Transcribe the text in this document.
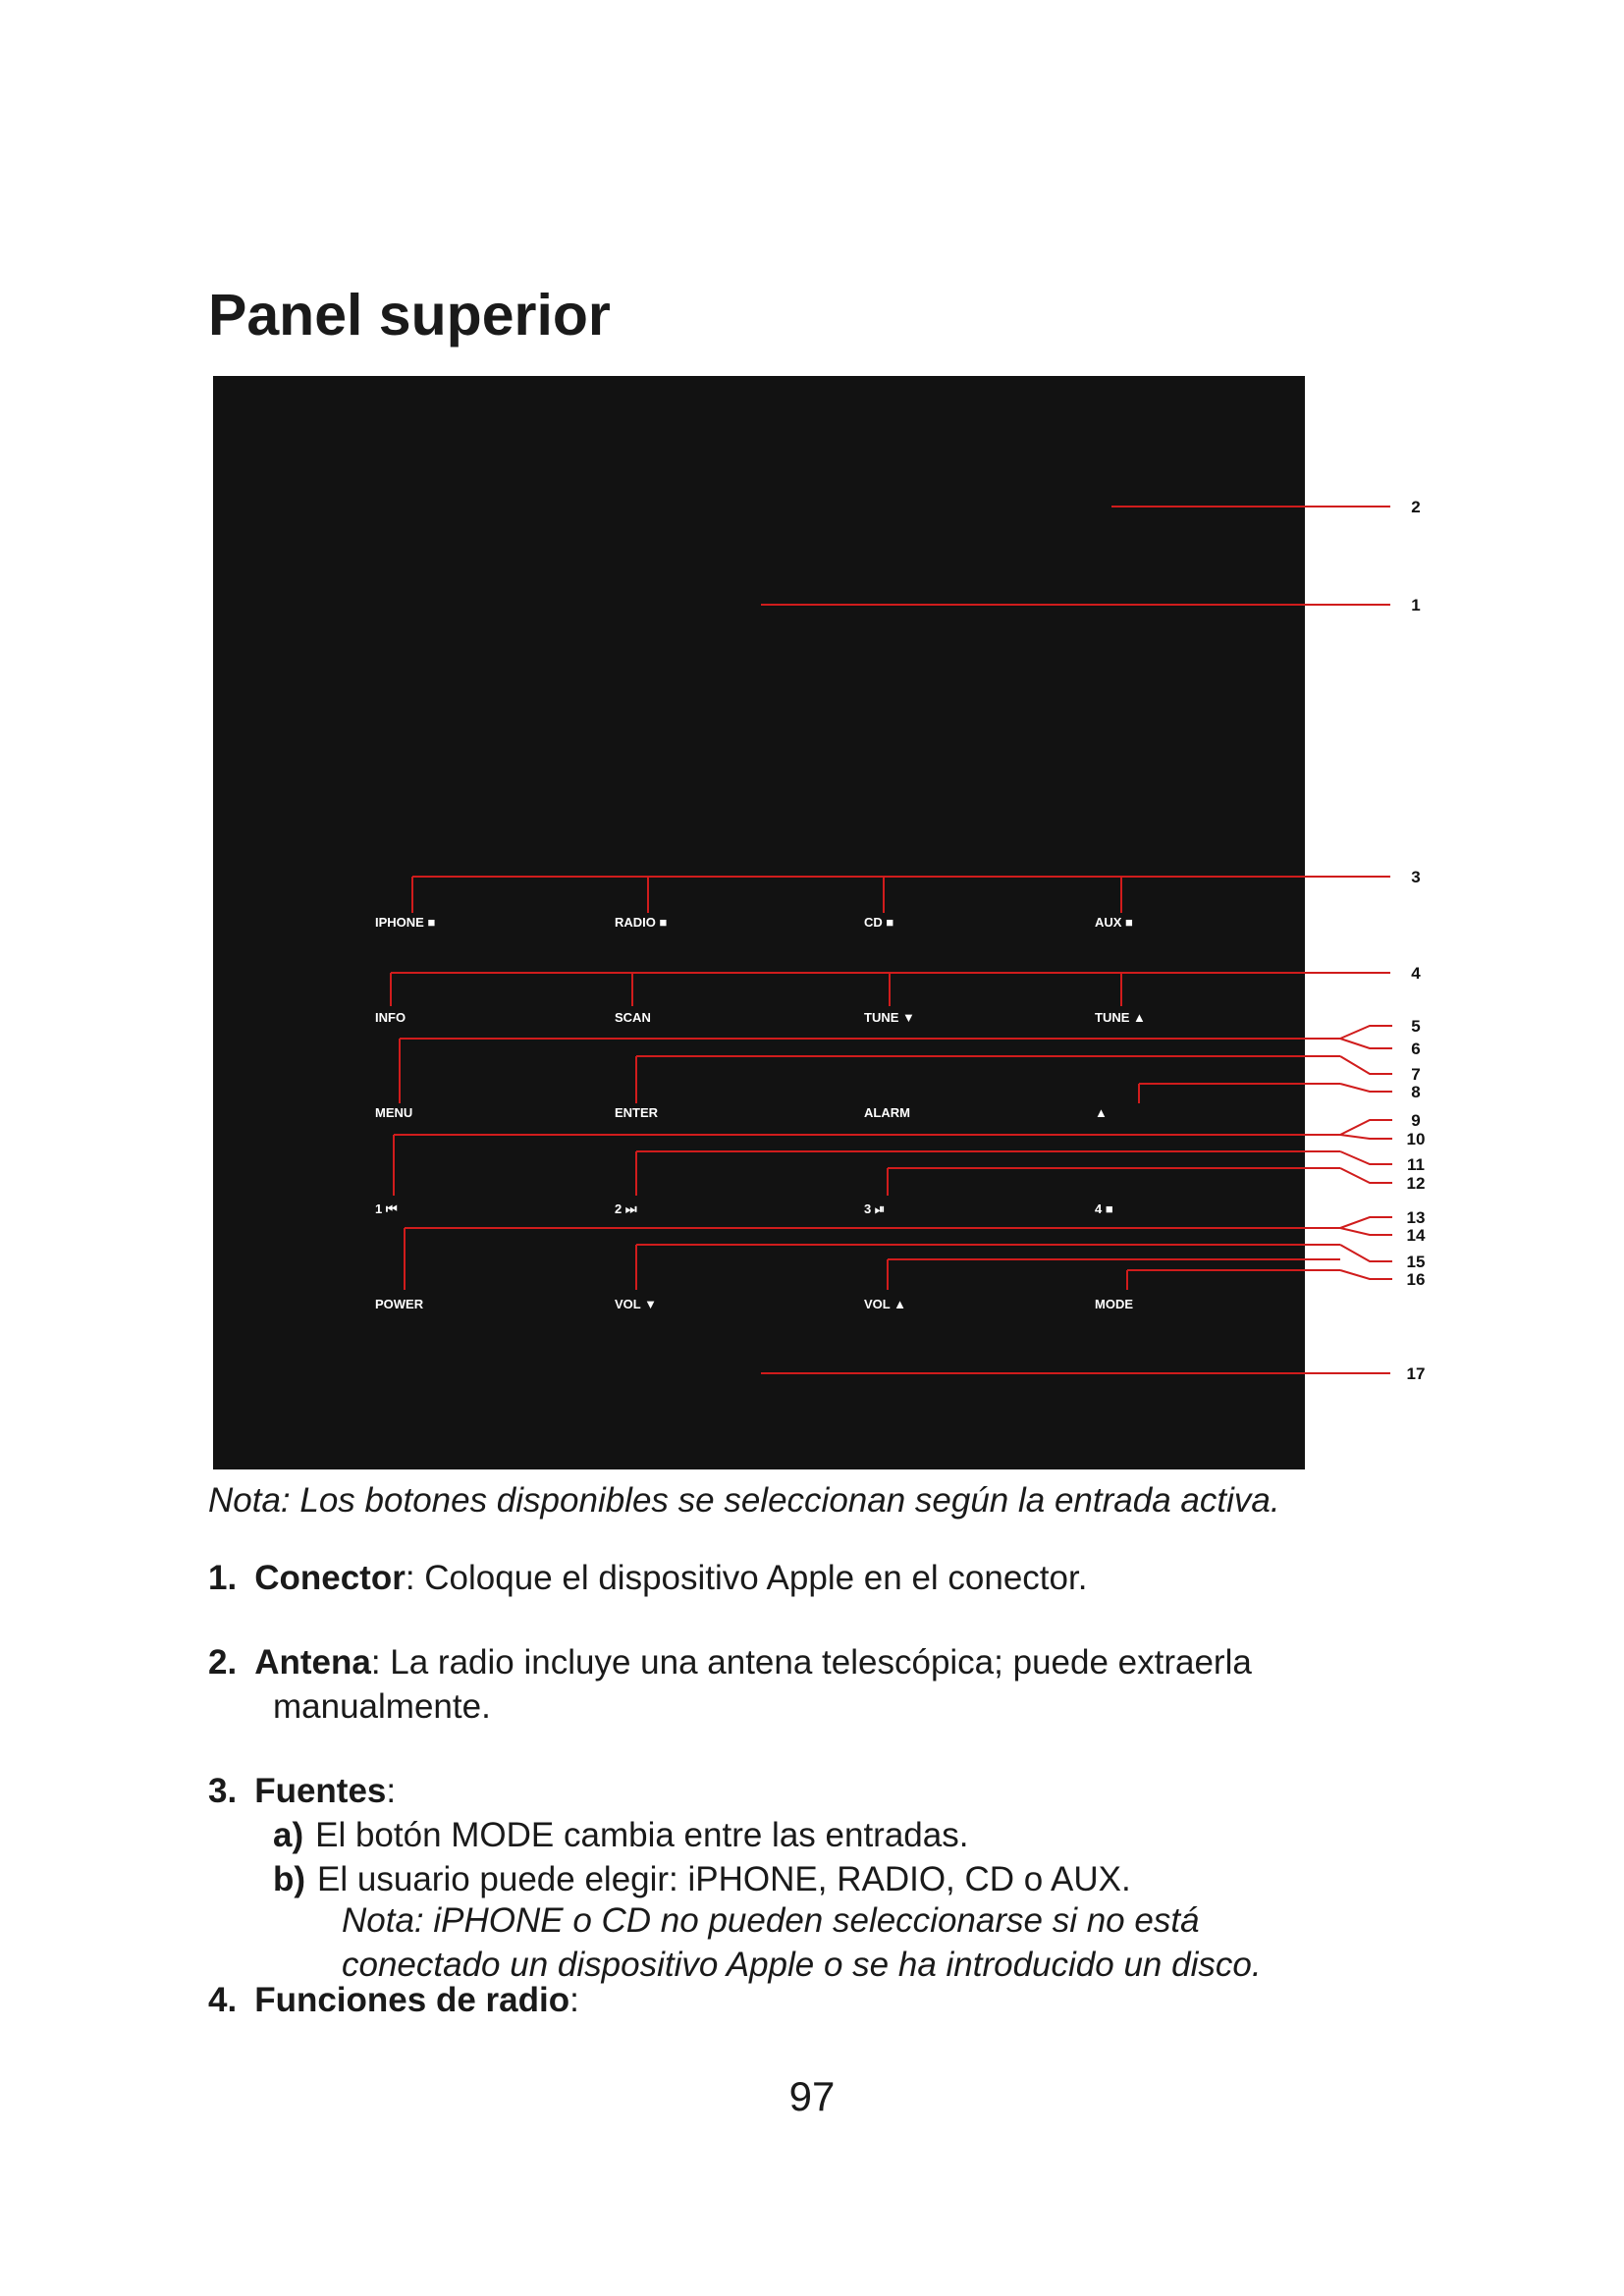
Panel superior
IPHONE ■	RADIO ■	CD ■	AUX ■
INFO	SCAN	TUNE ▼	TUNE ▲
MENU	ENTER	ALARM	▲
1 ⏮	2 ⏭	3 ⏯	4 ■
POWER	VOL ▼	VOL ▲	MODE
1
2
3
4
5
6
7
8
9
10
11
12
13
14
15
16
17

Nota: Los botones disponibles se seleccionan según la entrada activa.

1. Conector: Coloque el dispositivo Apple en el conector.

2. Antena: La radio incluye una antena telescópica; puede extraerla
manualmente.

3. Fuentes:

a) El botón MODE cambia entre las entradas.

b) El usuario puede elegir: iPHONE, RADIO, CD o AUX.

Nota: iPHONE o CD no pueden seleccionarse si no está

conectado un dispositivo Apple o se ha introducido un disco.

4. Funciones de radio:

97
